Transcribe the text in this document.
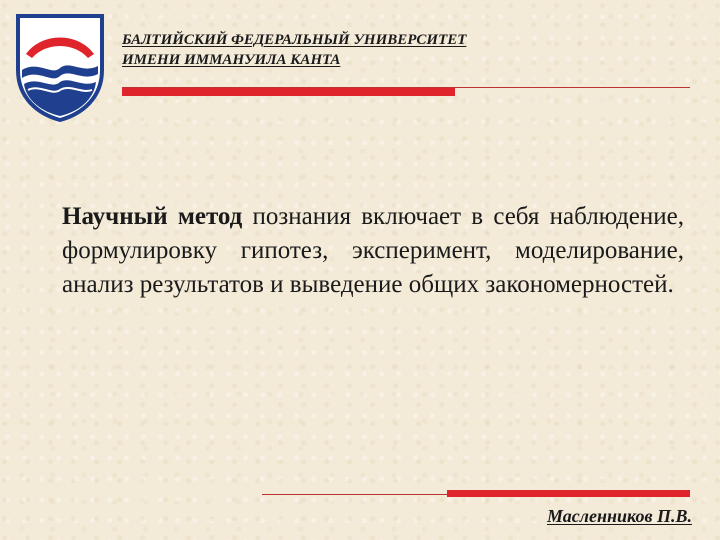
БАЛТИЙСКИЙ ФЕДЕРАЛЬНЫЙ УНИВЕРСИТЕТ
ИМЕНИ ИММАНУИЛА КАНТА

Научный метод познания включает в себя наблюдение, формулировку гипотез, эксперимент, моделирование, анализ результатов и выведение общих закономерностей.

Масленников П.В.
